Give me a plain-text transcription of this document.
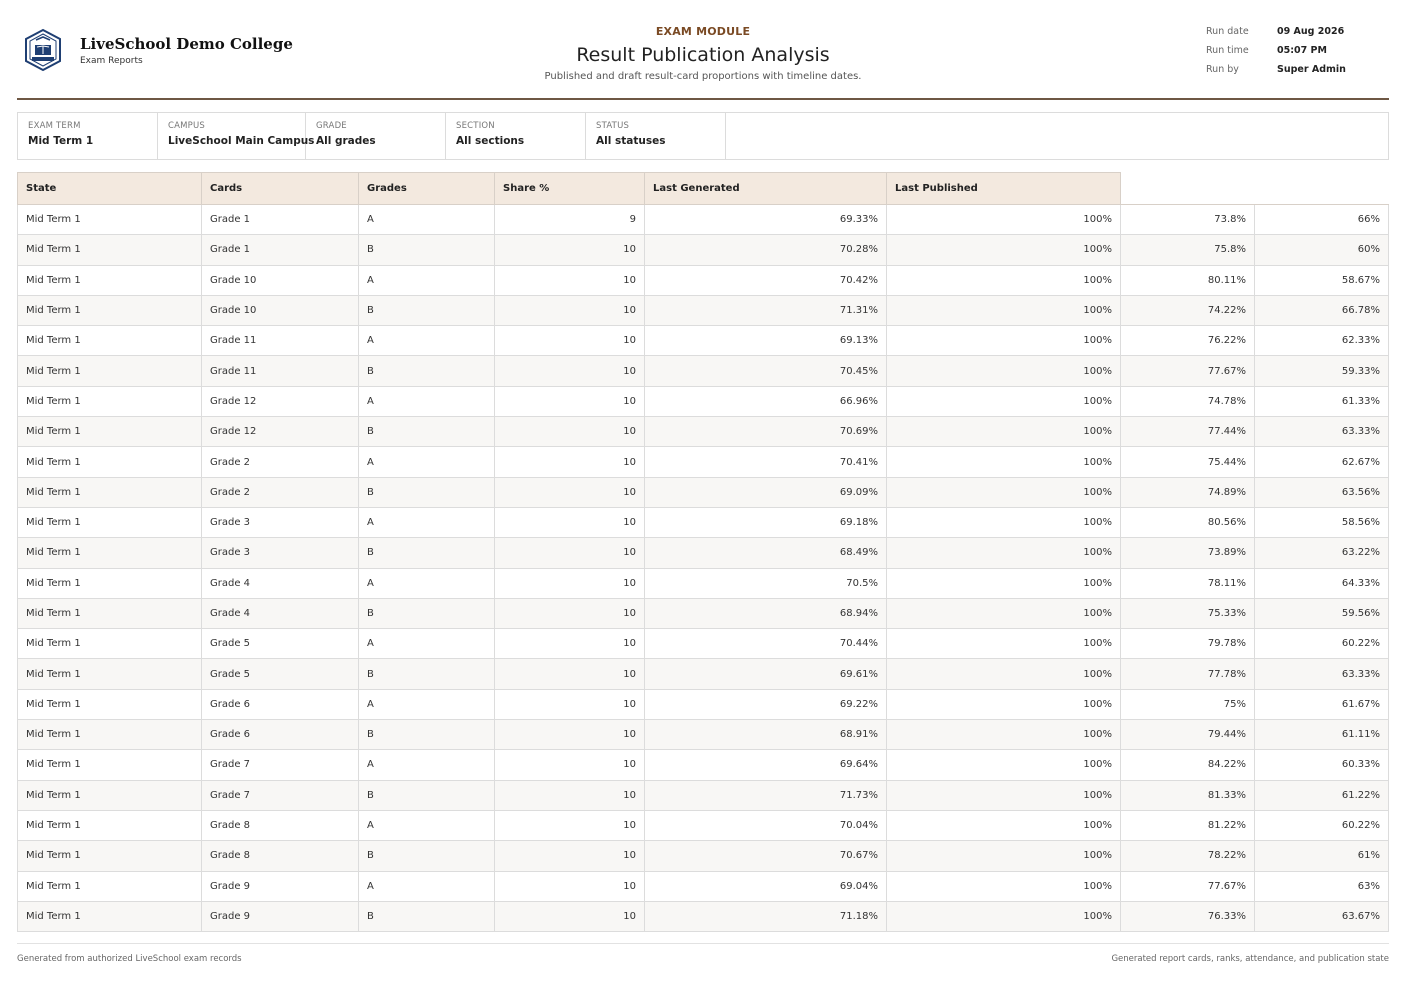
LiveSchool Demo College
Exam Reports
EXAM MODULE
Result Publication Analysis
Published and draft result-card proportions with timeline dates.
Run date	09 Aug 2026
Run time	05:07 PM
Run by	Super Admin
EXAM TERM
Mid Term 1
CAMPUS
LiveSchool Main Campus
GRADE
All grades
SECTION
All sections
STATUS
All statuses
State	Cards	Grades	Share %	Last Generated	Last Published		
Mid Term 1	Grade 1	A	9	69.33%	100%	73.8%	66%
Mid Term 1	Grade 1	B	10	70.28%	100%	75.8%	60%
Mid Term 1	Grade 10	A	10	70.42%	100%	80.11%	58.67%
Mid Term 1	Grade 10	B	10	71.31%	100%	74.22%	66.78%
Mid Term 1	Grade 11	A	10	69.13%	100%	76.22%	62.33%
Mid Term 1	Grade 11	B	10	70.45%	100%	77.67%	59.33%
Mid Term 1	Grade 12	A	10	66.96%	100%	74.78%	61.33%
Mid Term 1	Grade 12	B	10	70.69%	100%	77.44%	63.33%
Mid Term 1	Grade 2	A	10	70.41%	100%	75.44%	62.67%
Mid Term 1	Grade 2	B	10	69.09%	100%	74.89%	63.56%
Mid Term 1	Grade 3	A	10	69.18%	100%	80.56%	58.56%
Mid Term 1	Grade 3	B	10	68.49%	100%	73.89%	63.22%
Mid Term 1	Grade 4	A	10	70.5%	100%	78.11%	64.33%
Mid Term 1	Grade 4	B	10	68.94%	100%	75.33%	59.56%
Mid Term 1	Grade 5	A	10	70.44%	100%	79.78%	60.22%
Mid Term 1	Grade 5	B	10	69.61%	100%	77.78%	63.33%
Mid Term 1	Grade 6	A	10	69.22%	100%	75%	61.67%
Mid Term 1	Grade 6	B	10	68.91%	100%	79.44%	61.11%
Mid Term 1	Grade 7	A	10	69.64%	100%	84.22%	60.33%
Mid Term 1	Grade 7	B	10	71.73%	100%	81.33%	61.22%
Mid Term 1	Grade 8	A	10	70.04%	100%	81.22%	60.22%
Mid Term 1	Grade 8	B	10	70.67%	100%	78.22%	61%
Mid Term 1	Grade 9	A	10	69.04%	100%	77.67%	63%
Mid Term 1	Grade 9	B	10	71.18%	100%	76.33%	63.67%
Generated from authorized LiveSchool exam records	Generated report cards, ranks, attendance, and publication state
